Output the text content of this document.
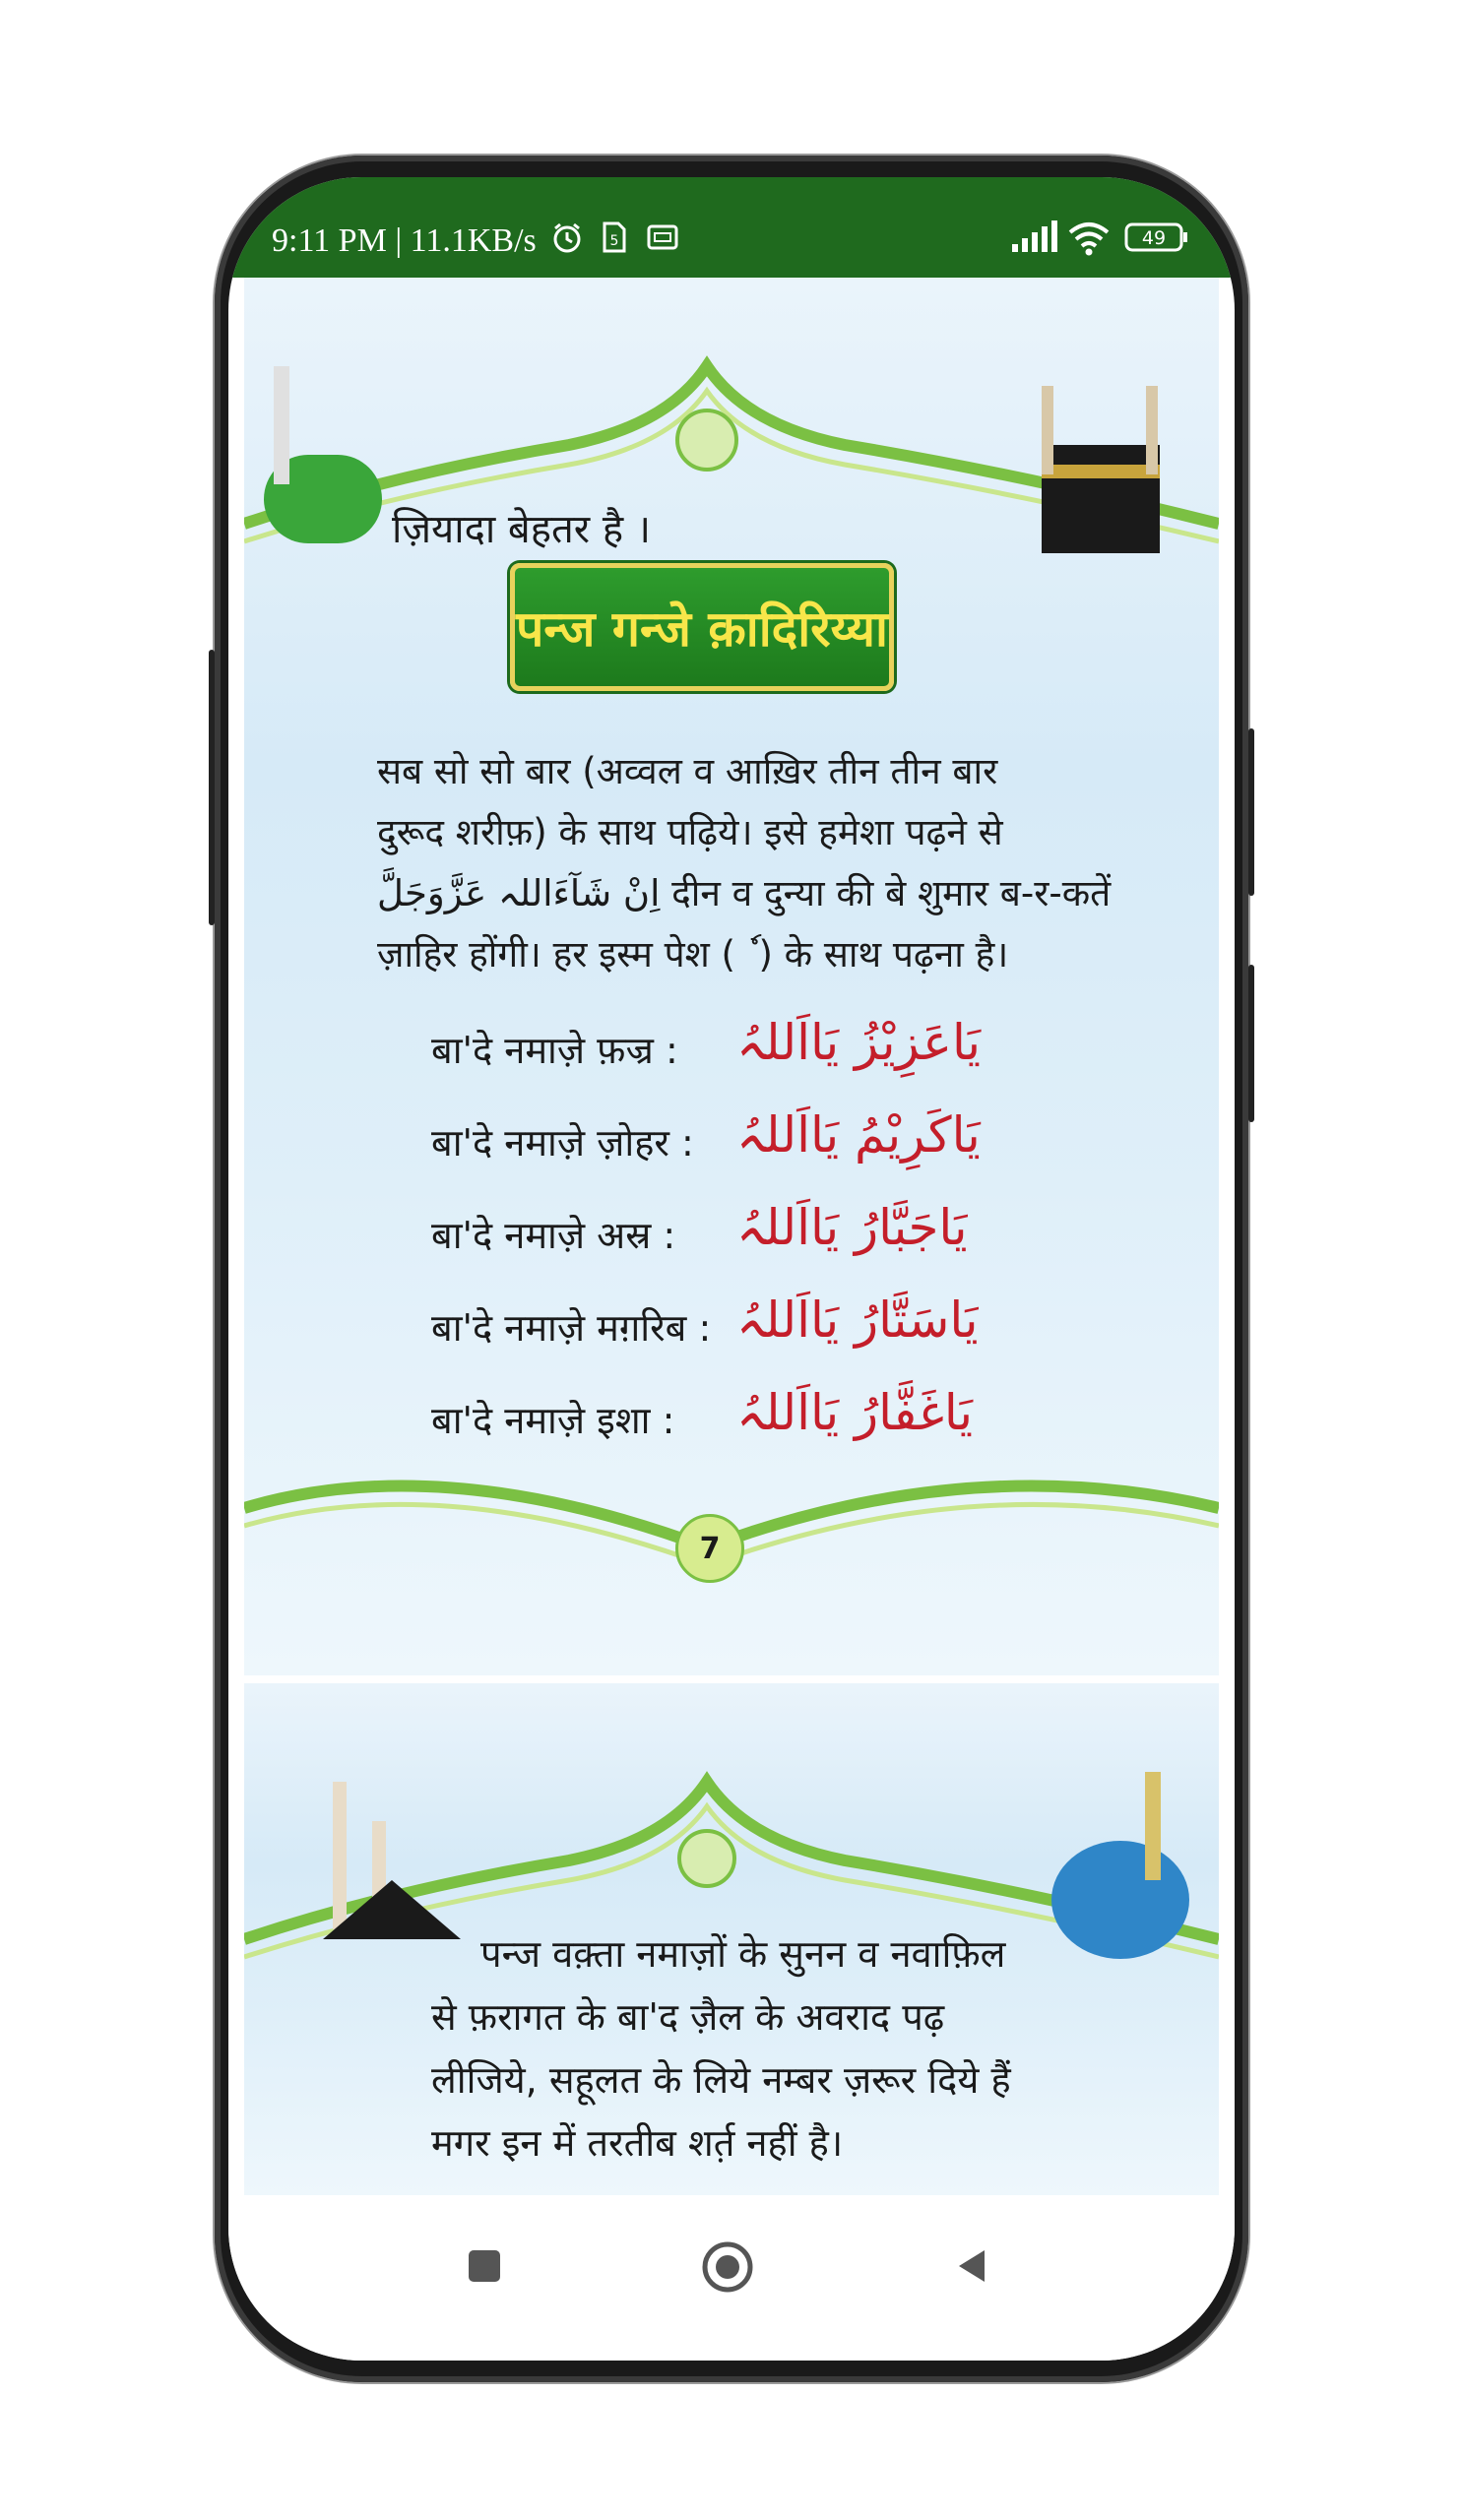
9:11 PM | 11.1KB/s	5	49
ज़ियादा बेहतर है ।
पन्ज गन्जे क़ादिरिय्या
सब सो सो बार (अव्वल व आख़िर तीन तीन बार
दुरूद शरीफ़) के साथ पढ़िये। इसे हमेशा पढ़ने से
اِنْ شَآءَاللہ عَزَّوَجَلَّ दीन व दुन्या की बे शुमार ब-र-कतें
ज़ाहिर होंगी। हर इस्म पेश ( ٗ ) के साथ पढ़ना है।
बा'दे नमाज़े फ़ज्र : یَاعَزِیْزُ یَااَللہُ
बा'दे नमाज़े ज़ोहर : یَاکَرِیْمُ یَااَللہُ
बा'दे नमाज़े अस्र : یَاجَبَّارُ یَااَللہُ
बा'दे नमाज़े मग़रिब : یَاسَتَّارُ یَااَللہُ
बा'दे नमाज़े इशा : یَاغَفَّارُ یَااَللہُ
7
पन्ज वक़्ता नमाज़ों के सुनन व नवाफ़िल
से फ़रागत के बा'द ज़ैल के अवराद पढ़
लीजिये, सहूलत के लिये नम्बर ज़रूर दिये हैं
मगर इन में तरतीब शर्त़ नहीं है।
